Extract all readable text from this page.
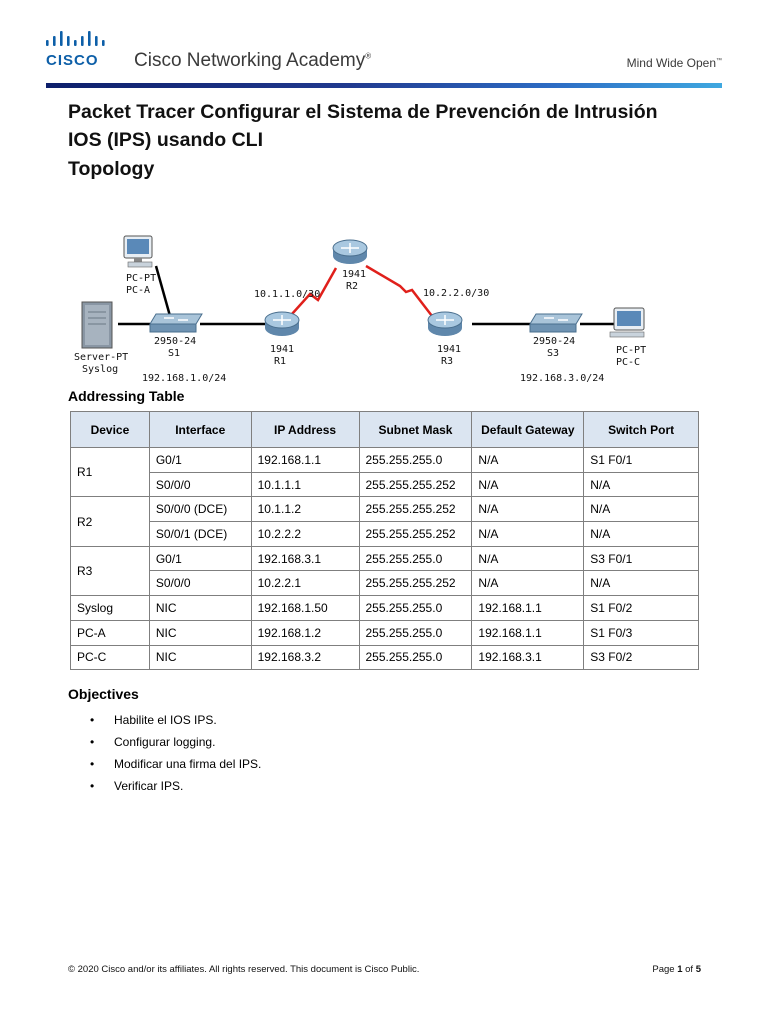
CISCO Cisco Networking Academy®	Mind Wide Open™
Packet Tracer Configurar el Sistema de Prevención de Intrusión
IOS (IPS) usando CLI
Topology
PC-PT
PC-A
Server-PT
Syslog
2950-24
S1
192.168.1.0/24
1941
R1
10.1.1.0/30
1941
R2
10.2.2.0/30
1941
R3
2950-24
S3
192.168.3.0/24
PC-PT
PC-C
Addressing Table
Device	Interface	IP Address	Subnet Mask	Default Gateway	Switch Port
R1	G0/1	192.168.1.1	255.255.255.0	N/A	S1 F0/1
	S0/0/0	10.1.1.1	255.255.255.252	N/A	N/A
R2	S0/0/0 (DCE)	10.1.1.2	255.255.255.252	N/A	N/A
	S0/0/1 (DCE)	10.2.2.2	255.255.255.252	N/A	N/A
R3	G0/1	192.168.3.1	255.255.255.0	N/A	S3 F0/1
	S0/0/0	10.2.2.1	255.255.255.252	N/A	N/A
Syslog	NIC	192.168.1.50	255.255.255.0	192.168.1.1	S1 F0/2
PC-A	NIC	192.168.1.2	255.255.255.0	192.168.1.1	S1 F0/3
PC-C	NIC	192.168.3.2	255.255.255.0	192.168.3.1	S3 F0/2
Objectives
• Habilite el IOS IPS.
• Configurar logging.
• Modificar una firma del IPS.
• Verificar IPS.
© 2020 Cisco and/or its affiliates. All rights reserved. This document is Cisco Public.	Page 1 of 5
